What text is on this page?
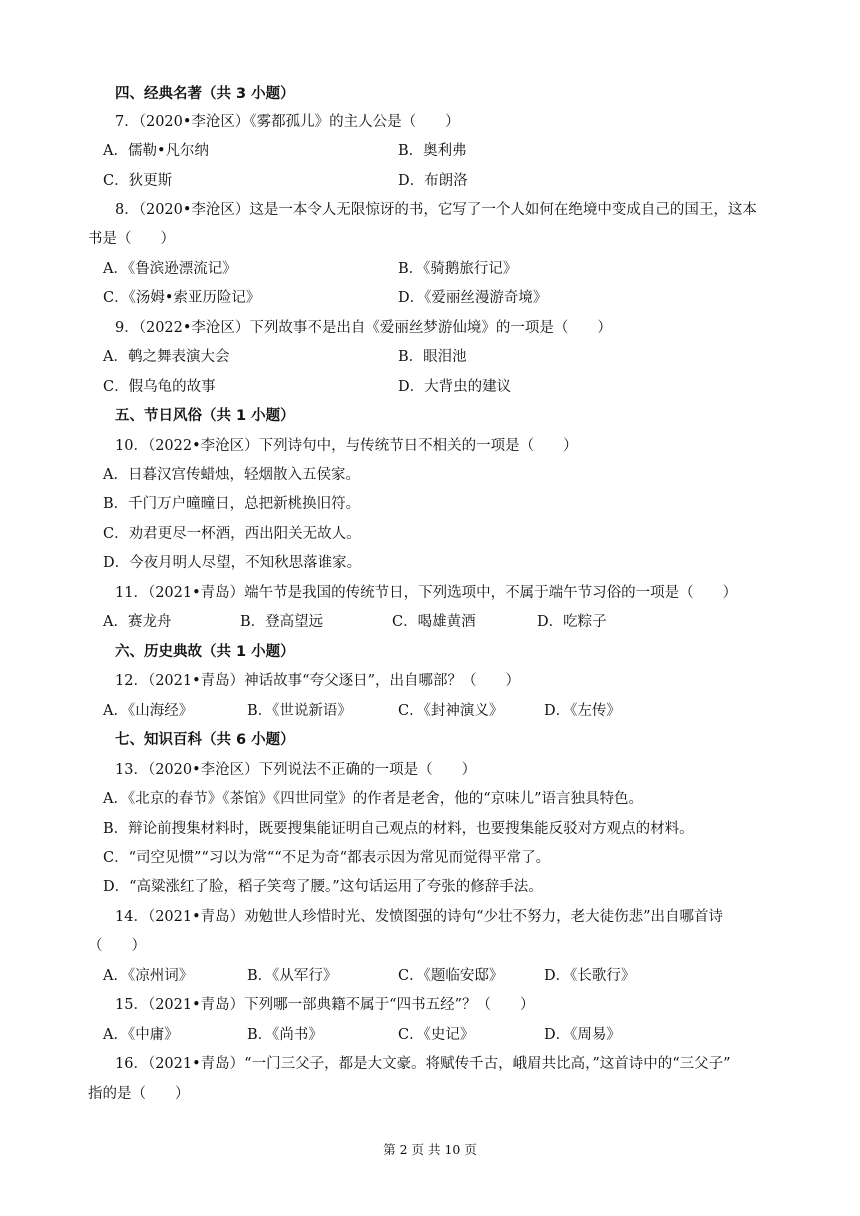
四、经典名著（共 3 小题）
7．（2020•李沧区）《雾都孤儿》的主人公是（　　）
A．儒勒•凡尔纳	B．奥利弗
C．狄更斯	D．布朗洛
8．（2020•李沧区）这是一本令人无限惊讶的书，它写了一个人如何在绝境中变成自己的国王，这本
书是（　　）
A．《鲁滨逊漂流记》	B．《骑鹅旅行记》
C．《汤姆•索亚历险记》	D．《爱丽丝漫游奇境》
9．（2022•李沧区）下列故事不是出自《爱丽丝梦游仙境》的一项是（　　）
A．鹌之舞表演大会	B．眼泪池
C．假乌龟的故事	D．大背虫的建议
五、节日风俗（共 1 小题）
10．（2022•李沧区）下列诗句中，与传统节日不相关的一项是（　　）
A．日暮汉宫传蜡烛，轻烟散入五侯家。
B．千门万户曈曈日，总把新桃换旧符。
C．劝君更尽一杯酒，西出阳关无故人。
D．今夜月明人尽望，不知秋思落谁家。
11．（2021•青岛）端午节是我国的传统节日，下列选项中，不属于端午节习俗的一项是（　　）
A．赛龙舟	B．登高望远	C．喝雄黄酒	D．吃粽子
六、历史典故（共 1 小题）
12．（2021•青岛）神话故事“夸父逐日”，出自哪部？（　　）
A．《山海经》	B．《世说新语》	C．《封神演义》	D．《左传》
七、知识百科（共 6 小题）
13．（2020•李沧区）下列说法不正确的一项是（　　）
A．《北京的春节》《茶馆》《四世同堂》的作者是老舍，他的“京味儿”语言独具特色。
B．辩论前搜集材料时，既要搜集能证明自己观点的材料，也要搜集能反驳对方观点的材料。
C．“司空见惯”“习以为常““不足为奇“都表示因为常见而觉得平常了。
D．“高粱涨红了脸，稻子笑弯了腰。”这句话运用了夸张的修辞手法。
14．（2021•青岛）劝勉世人珍惜时光、发愤图强的诗句“少壮不努力，老大徒伤悲”出自哪首诗
（　　）
A．《凉州词》	B．《从军行》	C．《题临安邸》	D．《长歌行》
15．（2021•青岛）下列哪一部典籍不属于“四书五经”？（　　）
A．《中庸》	B．《尚书》	C．《史记》	D．《周易》
16．（2021•青岛）“一门三父子，都是大文豪。将赋传千古，峨眉共比高，”这首诗中的“三父子”
指的是（　　）
第 2 页 共 10 页
